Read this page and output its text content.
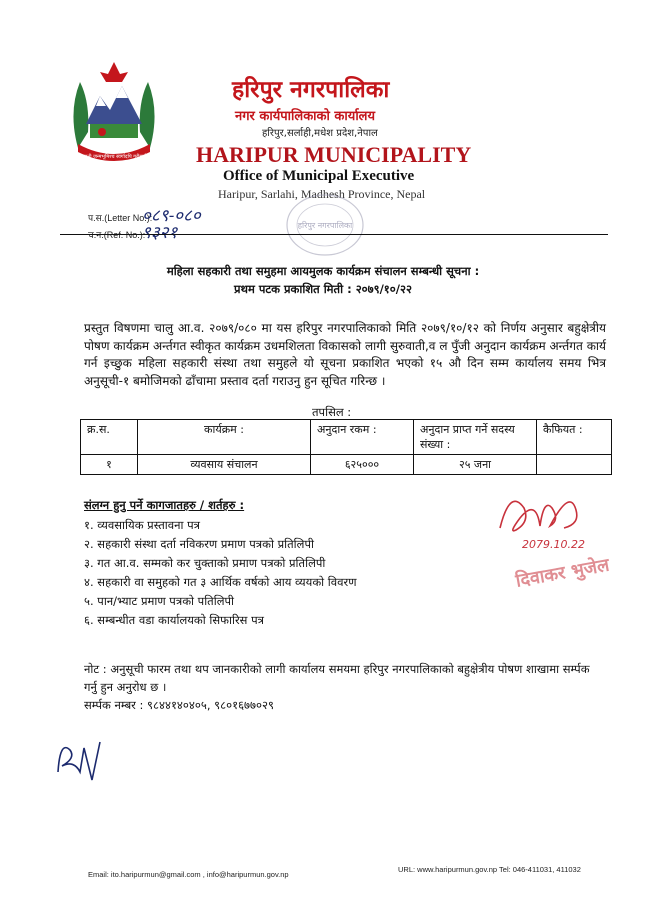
जननी जन्मभूमिश्च स्वर्गादपि गरीयसी
हरिपुर नगरपालिका
नगर कार्यपालिकाको कार्यालय
हरिपुर,सर्लाही,मधेश प्रदेश,नेपाल
HARIPUR MUNICIPALITY
Office of Municipal Executive
Haripur, Sarlahi, Madhesh Province, Nepal
हरिपुर नगरपालिका
प.स.(Letter No.):
०८९-०८०
च.न.(Ref. No.):
९३२१
महिला सहकारी तथा समुहमा आयमुलक कार्यक्रम संचालन सम्बन्धी सूचना :
प्रथम पटक प्रकाशित मिती : २०७९/१०/२२

प्रस्तुत विषणमा चालु आ.व. २०७९/०८० मा यस हरिपुर नगरपालिकाको मिति २०७९/१०/१२ को निर्णय अनुसार बहुक्षेत्रीय पोषण कार्यक्रम अर्न्तगत स्वीकृत कार्यक्रम उधमशिलता विकासको लागी सुरुवाती,व ल पुँजी अनुदान कार्यक्रम अर्न्तगत कार्य गर्न इच्छुक महिला सहकारी संस्था तथा समुहले यो सूचना प्रकाशित भएको १५ औ दिन सम्म कार्यालय समय भित्र अनुसूची-१ बमोजिमको ढाँचामा प्रस्ताव दर्ता गराउनु हुन सूचित गरिन्छ ।

तपसिल :
क्र.स.	कार्यक्रम :	अनुदान रकम :	अनुदान प्राप्त गर्ने सदस्य संख्या :	कैफियत :
१	व्यवसाय संचालन	६२५०००	२५ जना	
संलग्न हुनु पर्ने कागजातहरु / शर्तहरु :
१. व्यवसायिक प्रस्तावना पत्र
२. सहकारी संस्था दर्ता नविकरण प्रमाण पत्रको प्रतिलिपी
३. गत आ.व. सम्मको कर चुक्ताको प्रमाण पत्रको प्रतिलिपी
४. सहकारी वा समुहको गत ३ आर्थिक वर्षको आय व्ययको विवरण
५. पान/भ्याट प्रमाण पत्रको पतिलिपी
६. सम्बन्धीत वडा कार्यालयको सिफारिस पत्र
2079.10.22
दिवाकर भुजेल

नोट : अनुसूची फारम तथा थप जानकारीको लागी कार्यालय समयमा हरिपुर नगरपालिकाको बहुक्षेत्रीय पोषण शाखामा सर्म्पक गर्नु हुन अनुरोध छ ।

सर्म्पक नम्बर : ९८४४१४०४०५, ९८०१६७७०२९

Email: ito.haripurmun@gmail.com , info@haripurmun.gov.np
URL: www.haripurmun.gov.np Tel: 046-411031, 411032
